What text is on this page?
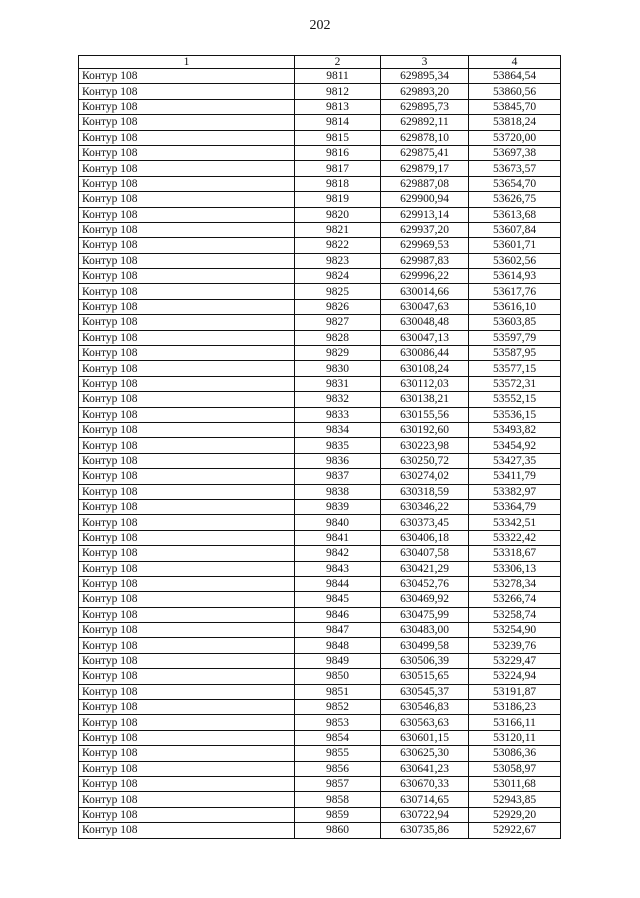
202
1	2	3	4
Контур 108	9811	629895,34	53864,54
Контур 108	9812	629893,20	53860,56
Контур 108	9813	629895,73	53845,70
Контур 108	9814	629892,11	53818,24
Контур 108	9815	629878,10	53720,00
Контур 108	9816	629875,41	53697,38
Контур 108	9817	629879,17	53673,57
Контур 108	9818	629887,08	53654,70
Контур 108	9819	629900,94	53626,75
Контур 108	9820	629913,14	53613,68
Контур 108	9821	629937,20	53607,84
Контур 108	9822	629969,53	53601,71
Контур 108	9823	629987,83	53602,56
Контур 108	9824	629996,22	53614,93
Контур 108	9825	630014,66	53617,76
Контур 108	9826	630047,63	53616,10
Контур 108	9827	630048,48	53603,85
Контур 108	9828	630047,13	53597,79
Контур 108	9829	630086,44	53587,95
Контур 108	9830	630108,24	53577,15
Контур 108	9831	630112,03	53572,31
Контур 108	9832	630138,21	53552,15
Контур 108	9833	630155,56	53536,15
Контур 108	9834	630192,60	53493,82
Контур 108	9835	630223,98	53454,92
Контур 108	9836	630250,72	53427,35
Контур 108	9837	630274,02	53411,79
Контур 108	9838	630318,59	53382,97
Контур 108	9839	630346,22	53364,79
Контур 108	9840	630373,45	53342,51
Контур 108	9841	630406,18	53322,42
Контур 108	9842	630407,58	53318,67
Контур 108	9843	630421,29	53306,13
Контур 108	9844	630452,76	53278,34
Контур 108	9845	630469,92	53266,74
Контур 108	9846	630475,99	53258,74
Контур 108	9847	630483,00	53254,90
Контур 108	9848	630499,58	53239,76
Контур 108	9849	630506,39	53229,47
Контур 108	9850	630515,65	53224,94
Контур 108	9851	630545,37	53191,87
Контур 108	9852	630546,83	53186,23
Контур 108	9853	630563,63	53166,11
Контур 108	9854	630601,15	53120,11
Контур 108	9855	630625,30	53086,36
Контур 108	9856	630641,23	53058,97
Контур 108	9857	630670,33	53011,68
Контур 108	9858	630714,65	52943,85
Контур 108	9859	630722,94	52929,20
Контур 108	9860	630735,86	52922,67
